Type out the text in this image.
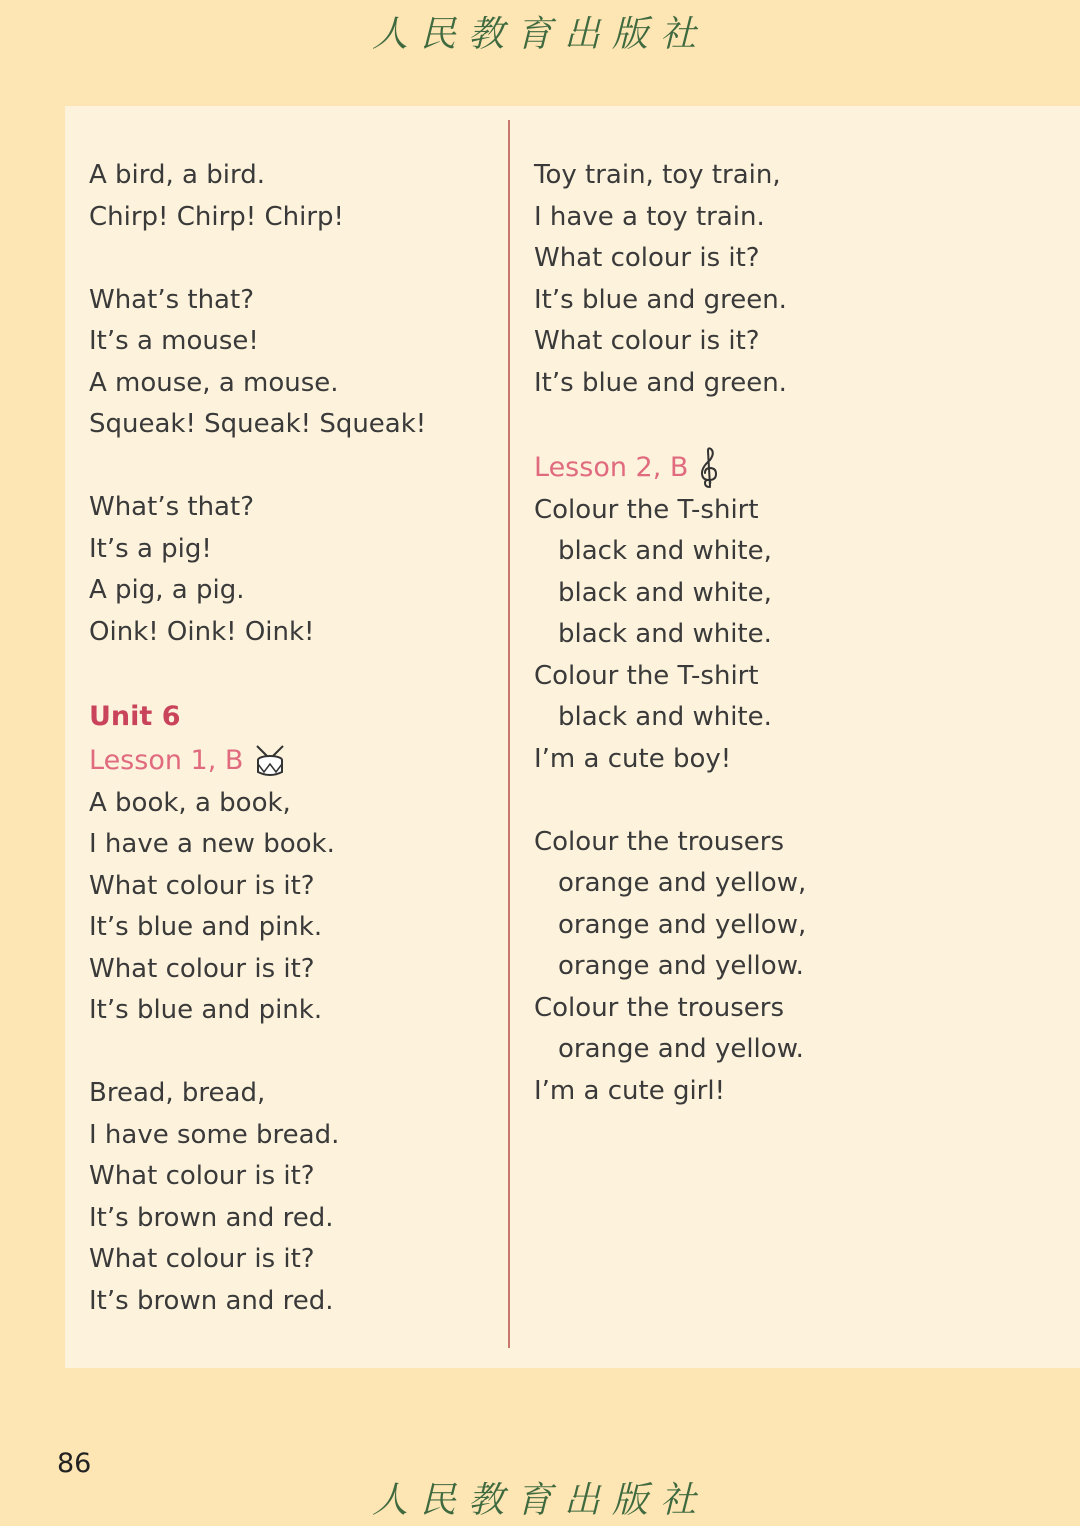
人民教育出版社
A bird, a bird.
Chirp! Chirp! Chirp!
What’s that?
It’s a mouse!
A mouse, a mouse.
Squeak! Squeak! Squeak!
What’s that?
It’s a pig!
A pig, a pig.
Oink! Oink! Oink!
Unit 6
Lesson 1, B
A book, a book,
I have a new book.
What colour is it?
It’s blue and pink.
What colour is it?
It’s blue and pink.
Bread, bread,
I have some bread.
What colour is it?
It’s brown and red.
What colour is it?
It’s brown and red.
Toy train, toy train,
I have a toy train.
What colour is it?
It’s blue and green.
What colour is it?
It’s blue and green.
Lesson 2, B
Colour the T-shirt
black and white,
black and white,
black and white.
Colour the T-shirt
black and white.
I’m a cute boy!
Colour the trousers
orange and yellow,
orange and yellow,
orange and yellow.
Colour the trousers
orange and yellow.
I’m a cute girl!
86
人民教育出版社
